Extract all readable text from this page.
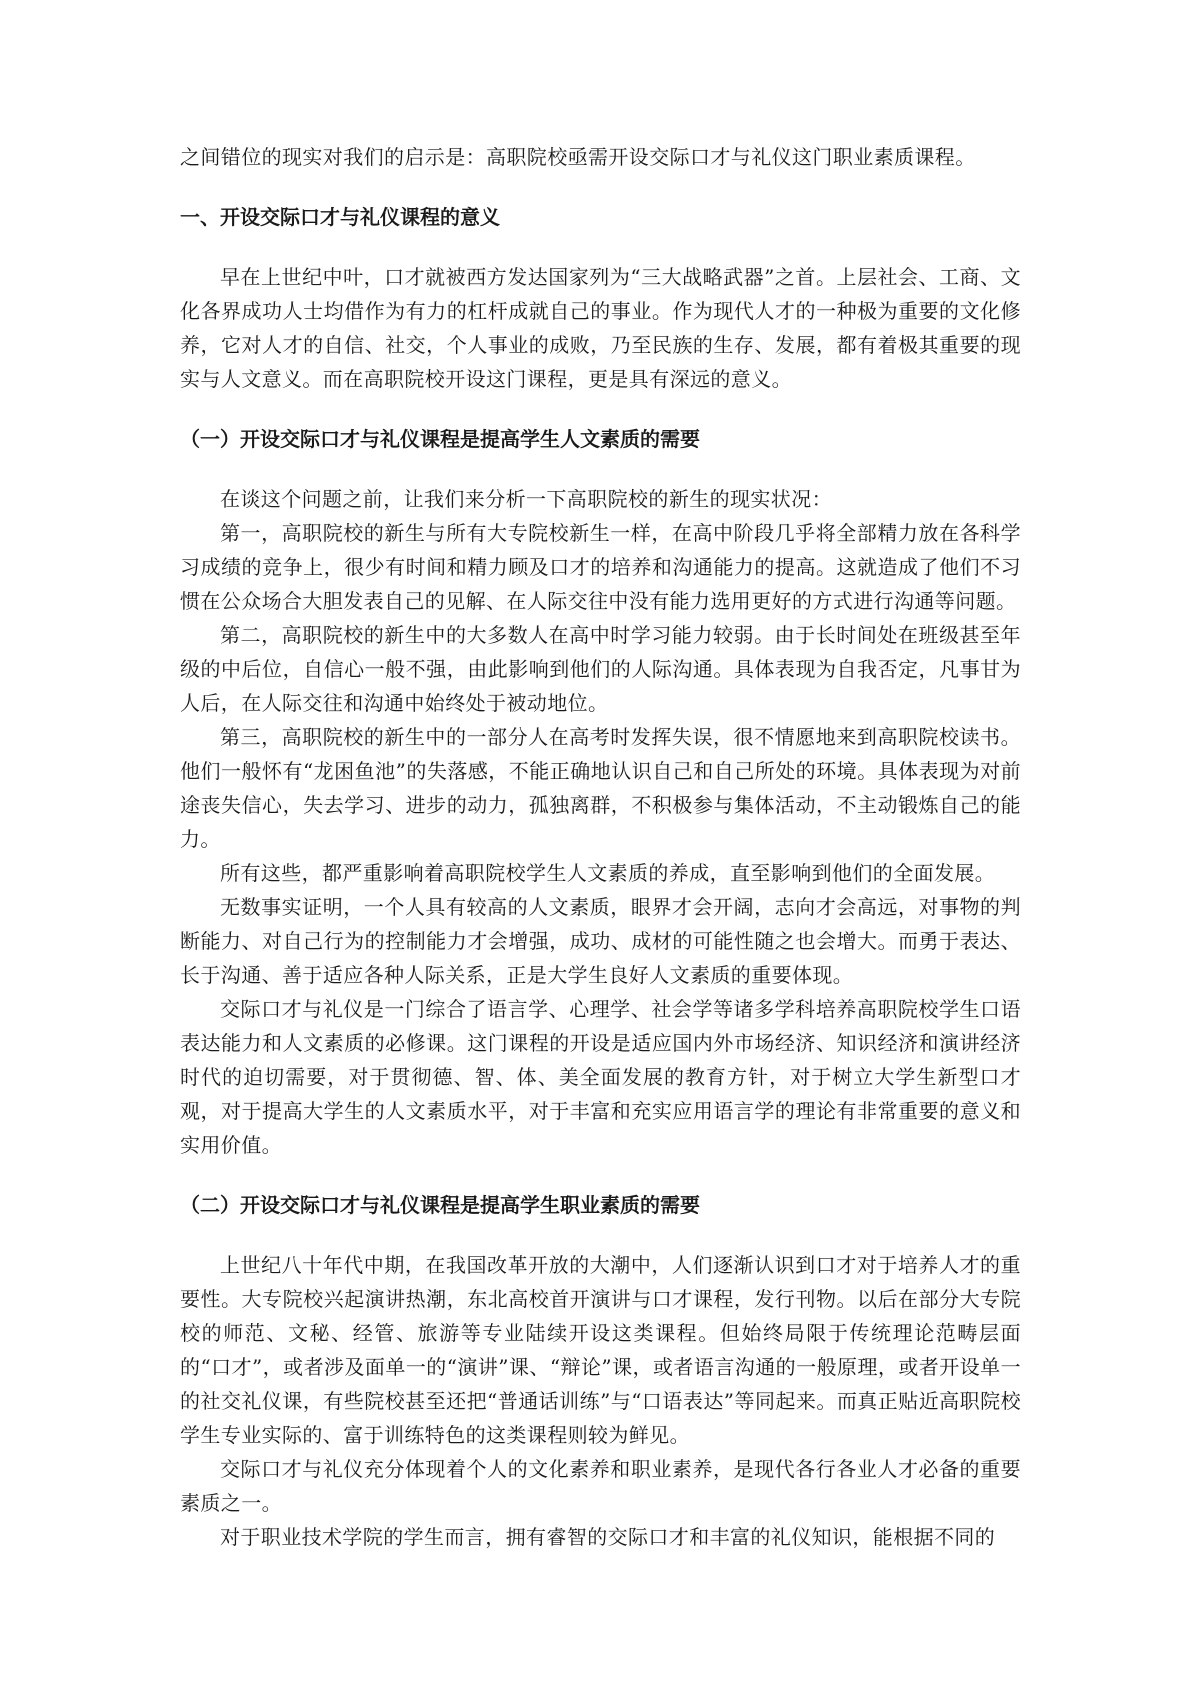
之间错位的现实对我们的启示是：高职院校亟需开设交际口才与礼仪这门职业素质课程。

一、开设交际口才与礼仪课程的意义

早在上世纪中叶，口才就被西方发达国家列为“三大战略武器”之首。上层社会、工商、文化各界成功人士均借作为有力的杠杆成就自己的事业。作为现代人才的一种极为重要的文化修养，它对人才的自信、社交，个人事业的成败，乃至民族的生存、发展，都有着极其重要的现实与人文意义。而在高职院校开设这门课程，更是具有深远的意义。

（一）开设交际口才与礼仪课程是提高学生人文素质的需要

在谈这个问题之前，让我们来分析一下高职院校的新生的现实状况：

第一，高职院校的新生与所有大专院校新生一样，在高中阶段几乎将全部精力放在各科学习成绩的竞争上，很少有时间和精力顾及口才的培养和沟通能力的提高。这就造成了他们不习惯在公众场合大胆发表自己的见解、在人际交往中没有能力选用更好的方式进行沟通等问题。

第二，高职院校的新生中的大多数人在高中时学习能力较弱。由于长时间处在班级甚至年级的中后位，自信心一般不强，由此影响到他们的人际沟通。具体表现为自我否定，凡事甘为人后，在人际交往和沟通中始终处于被动地位。

第三，高职院校的新生中的一部分人在高考时发挥失误，很不情愿地来到高职院校读书。他们一般怀有“龙困鱼池”的失落感，不能正确地认识自己和自己所处的环境。具体表现为对前途丧失信心，失去学习、进步的动力，孤独离群，不积极参与集体活动，不主动锻炼自己的能力。

所有这些，都严重影响着高职院校学生人文素质的养成，直至影响到他们的全面发展。

无数事实证明，一个人具有较高的人文素质，眼界才会开阔，志向才会高远，对事物的判断能力、对自己行为的控制能力才会增强，成功、成材的可能性随之也会增大。而勇于表达、长于沟通、善于适应各种人际关系，正是大学生良好人文素质的重要体现。

交际口才与礼仪是一门综合了语言学、心理学、社会学等诸多学科培养高职院校学生口语表达能力和人文素质的必修课。这门课程的开设是适应国内外市场经济、知识经济和演讲经济时代的迫切需要，对于贯彻德、智、体、美全面发展的教育方针，对于树立大学生新型口才观，对于提高大学生的人文素质水平，对于丰富和充实应用语言学的理论有非常重要的意义和实用价值。

（二）开设交际口才与礼仪课程是提高学生职业素质的需要

上世纪八十年代中期，在我国改革开放的大潮中，人们逐渐认识到口才对于培养人才的重要性。大专院校兴起演讲热潮，东北高校首开演讲与口才课程，发行刊物。以后在部分大专院校的师范、文秘、经管、旅游等专业陆续开设这类课程。但始终局限于传统理论范畴层面的“口才”，或者涉及面单一的“演讲”课、“辩论”课，或者语言沟通的一般原理，或者开设单一的社交礼仪课，有些院校甚至还把“普通话训练”与“口语表达”等同起来。而真正贴近高职院校学生专业实际的、富于训练特色的这类课程则较为鲜见。

交际口才与礼仪充分体现着个人的文化素养和职业素养，是现代各行各业人才必备的重要素质之一。

对于职业技术学院的学生而言，拥有睿智的交际口才和丰富的礼仪知识，能根据不同的
